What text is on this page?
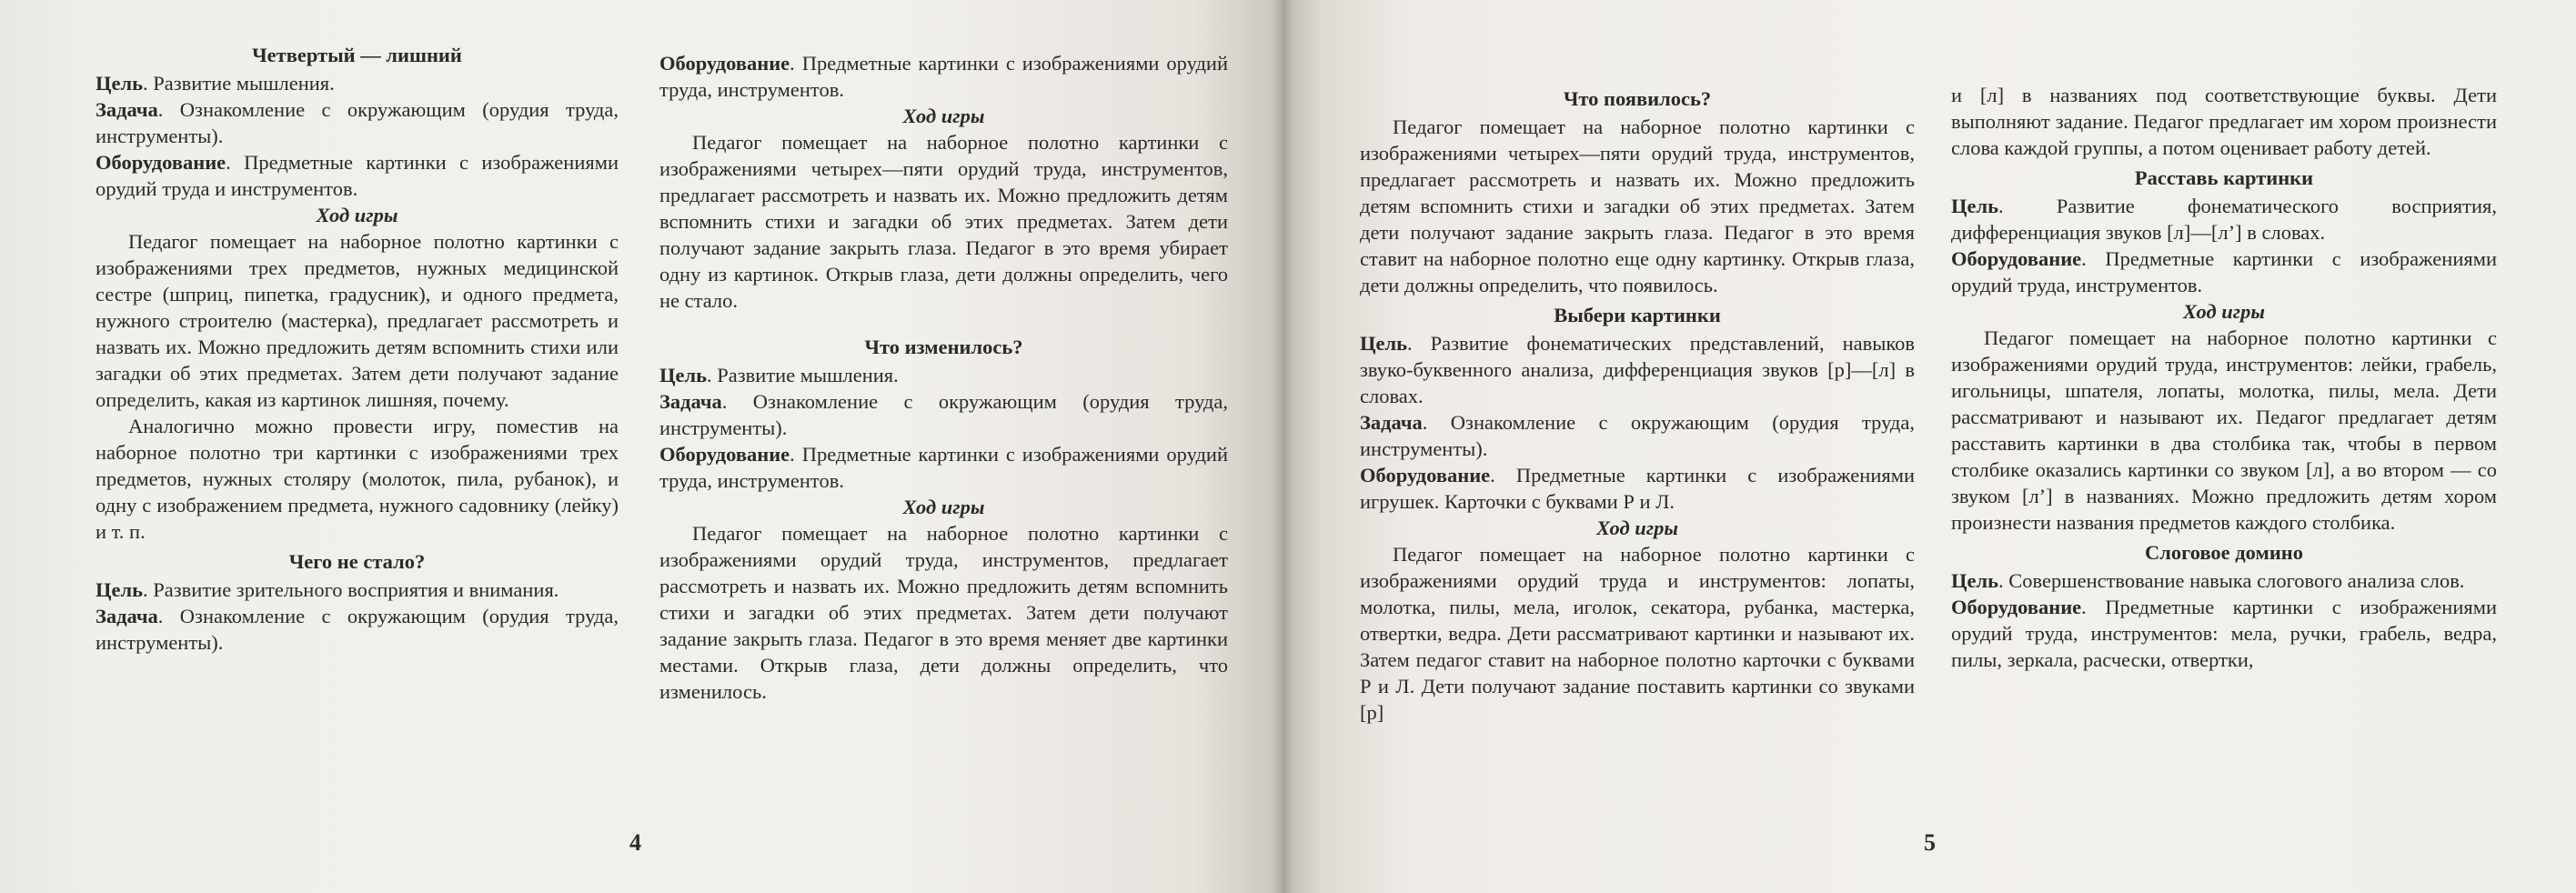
Четвертый — лишний

Цель. Развитие мышления.

Задача. Ознакомление с окружающим (орудия труда, инструменты).

Оборудование. Предметные картинки с изображениями орудий труда и инструментов.

Ход игры

Педагог помещает на наборное полотно картинки с изображениями трех предметов, нужных медицинской сестре (шприц, пипетка, градусник), и одного предмета, нужного строителю (мастерка), предлагает рассмотреть и назвать их. Можно предложить детям вспомнить стихи или загадки об этих предметах. Затем дети получают задание определить, какая из картинок лишняя, почему.

Аналогично можно провести игру, поместив на наборное полотно три картинки с изображениями трех предметов, нужных столяру (молоток, пила, рубанок), и одну с изображением предмета, нужного садовнику (лейку) и т. п.

Чего не стало?

Цель. Развитие зрительного восприятия и внимания.

Задача. Ознакомление с окружающим (орудия труда, инструменты).

Оборудование. Предметные картинки с изображениями орудий труда, инструментов.

Ход игры

Педагог помещает на наборное полотно картинки с изображениями четырех—пяти орудий труда, инструментов, предлагает рассмотреть и назвать их. Можно предложить детям вспомнить стихи и загадки об этих предметах. Затем дети получают задание закрыть глаза. Педагог в это время убирает одну из картинок. Открыв глаза, дети должны определить, чего не стало.

Что изменилось?

Цель. Развитие мышления.

Задача. Ознакомление с окружающим (орудия труда, инструменты).

Оборудование. Предметные картинки с изображениями орудий труда, инструментов.

Ход игры

Педагог помещает на наборное полотно картинки с изображениями орудий труда, инструментов, предлагает рассмотреть и назвать их. Можно предложить детям вспомнить стихи и загадки об этих предметах. Затем дети получают задание закрыть глаза. Педагог в это время меняет две картинки местами. Открыв глаза, дети должны определить, что изменилось.

4

Что появилось?

Педагог помещает на наборное полотно картинки с изображениями четырех—пяти орудий труда, инструментов, предлагает рассмотреть и назвать их. Можно предложить детям вспомнить стихи и загадки об этих предметах. Затем дети получают задание закрыть глаза. Педагог в это время ставит на наборное полотно еще одну картинку. Открыв глаза, дети должны определить, что появилось.

Выбери картинки

Цель. Развитие фонематических представлений, навыков звуко-буквенного анализа, дифференциация звуков [р]—[л] в словах.

Задача. Ознакомление с окружающим (орудия труда, инструменты).

Оборудование. Предметные картинки с изображениями игрушек. Карточки с буквами Р и Л.

Ход игры

Педагог помещает на наборное полотно картинки с изображениями орудий труда и инструментов: лопаты, молотка, пилы, мела, иголок, секатора, рубанка, мастерка, отвертки, ведра. Дети рассматривают картинки и называют их. Затем педагог ставит на наборное полотно карточки с буквами Р и Л. Дети получают задание поставить картинки со звуками [р]

и [л] в названиях под соответствующие буквы. Дети выполняют задание. Педагог предлагает им хором произнести слова каждой группы, а потом оценивает работу детей.

Расставь картинки

Цель. Развитие фонематического восприятия, дифференциация звуков [л]—[л’] в словах.

Оборудование. Предметные картинки с изображениями орудий труда, инструментов.

Ход игры

Педагог помещает на наборное полотно картинки с изображениями орудий труда, инструментов: лейки, грабель, игольницы, шпателя, лопаты, молотка, пилы, мела. Дети рассматривают и называют их. Педагог предлагает детям расставить картинки в два столбика так, чтобы в первом столбике оказались картинки со звуком [л], а во втором — со звуком [л’] в названиях. Можно предложить детям хором произнести названия предметов каждого столбика.

Слоговое домино

Цель. Совершенствование навыка слогового анализа слов.

Оборудование. Предметные картинки с изображениями орудий труда, инструментов: мела, ручки, грабель, ведра, пилы, зеркала, расчески, отвертки,

5
